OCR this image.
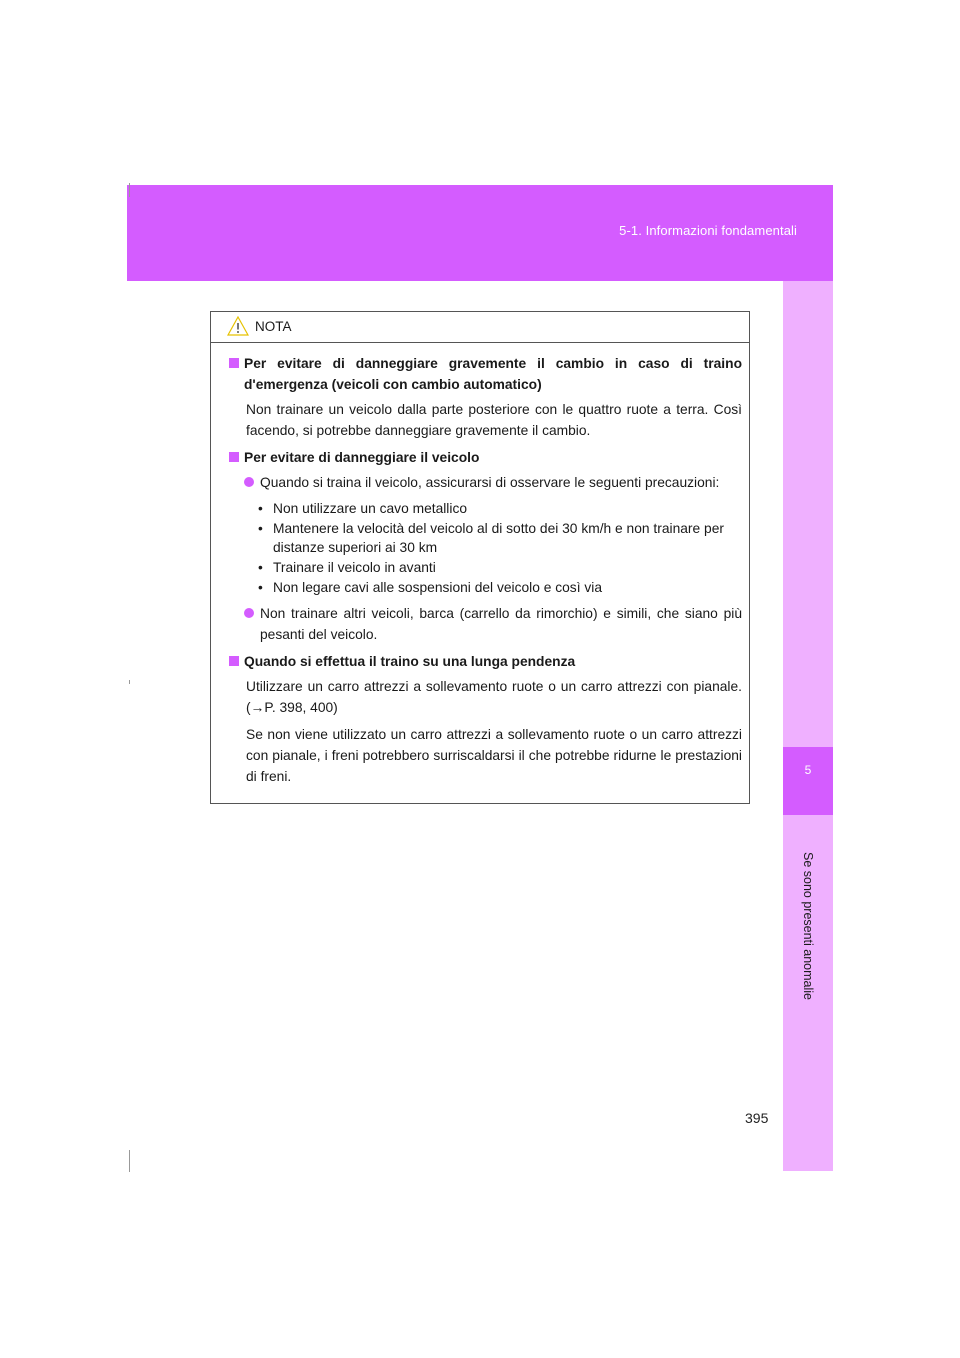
5-1. Informazioni fondamentali
5
Se sono presenti anomalie
NOTA
Per evitare di danneggiare gravemente il cambio in caso di traino d'emergenza (veicoli con cambio automatico)

Non trainare un veicolo dalla parte posteriore con le quattro ruote a terra. Così facendo, si potrebbe danneggiare gravemente il cambio.

Per evitare di danneggiare il veicolo
Quando si traina il veicolo, assicurarsi di osservare le seguenti precauzioni:
• Non utilizzare un cavo metallico
• Mantenere la velocità del veicolo al di sotto dei 30 km/h e non trainare per distanze superiori ai 30 km
• Trainare il veicolo in avanti
• Non legare cavi alle sospensioni del veicolo e così via
Non trainare altri veicoli, barca (carrello da rimorchio) e simili, che siano più pesanti del veicolo.
Quando si effettua il traino su una lunga pendenza

Utilizzare un carro attrezzi a sollevamento ruote o un carro attrezzi con pianale. (→P. 398, 400)

Se non viene utilizzato un carro attrezzi a sollevamento ruote o un carro attrezzi con pianale, i freni potrebbero surriscaldarsi il che potrebbe ridurne le prestazioni di freni.

395
